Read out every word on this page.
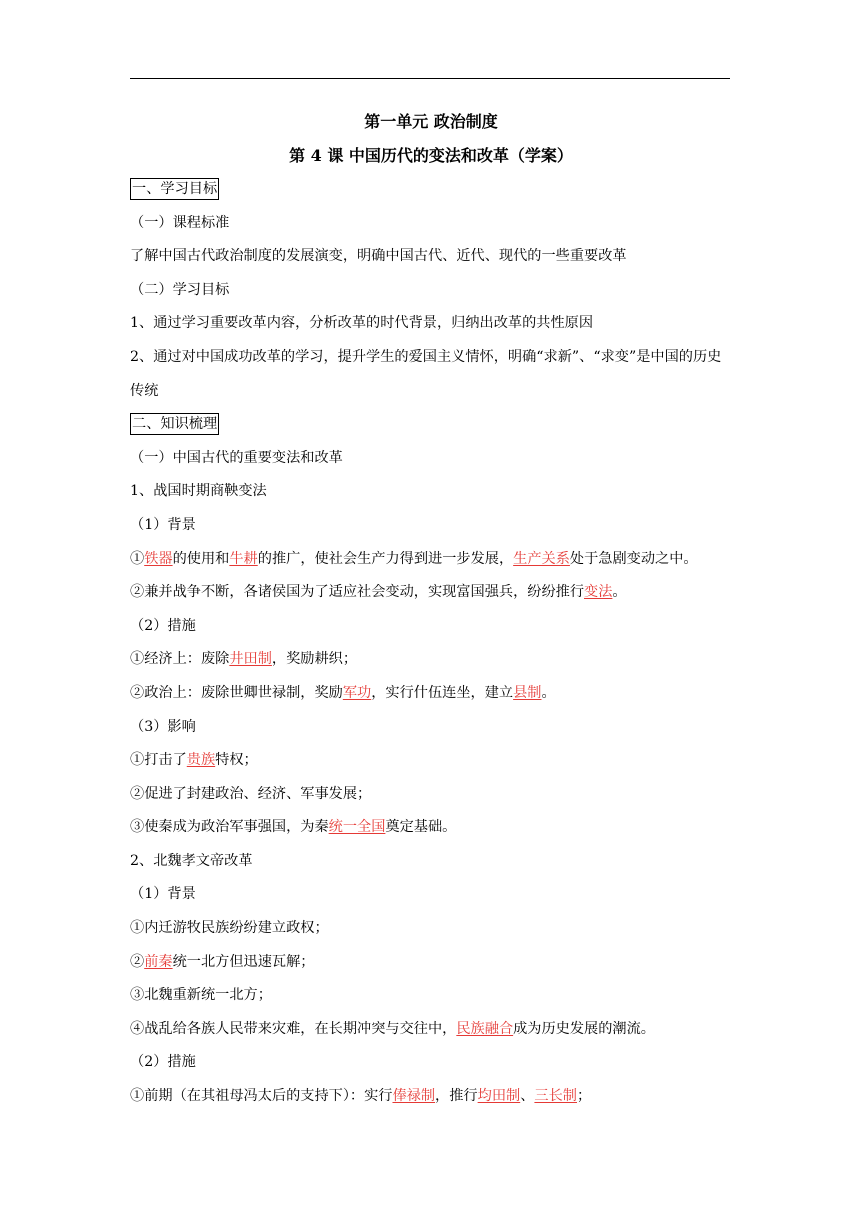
第一单元 政治制度
第 4 课 中国历代的变法和改革（学案）
一、学习目标
（一）课程标准
了解中国古代政治制度的发展演变，明确中国古代、近代、现代的一些重要改革
（二）学习目标
1、通过学习重要改革内容，分析改革的时代背景，归纳出改革的共性原因
2、通过对中国成功改革的学习，提升学生的爱国主义情怀，明确“求新”、“求变”是中国的历史传统
二、知识梳理
（一）中国古代的重要变法和改革
1、战国时期商鞅变法
（1）背景
①铁器的使用和牛耕的推广，使社会生产力得到进一步发展，生产关系处于急剧变动之中。
②兼并战争不断，各诸侯国为了适应社会变动，实现富国强兵，纷纷推行变法。
（2）措施
①经济上：废除井田制，奖励耕织；
②政治上：废除世卿世禄制，奖励军功，实行什伍连坐，建立县制。
（3）影响
①打击了贵族特权；
②促进了封建政治、经济、军事发展；
③使秦成为政治军事强国，为秦统一全国奠定基础。
2、北魏孝文帝改革
（1）背景
①内迁游牧民族纷纷建立政权；
②前秦统一北方但迅速瓦解；
③北魏重新统一北方；
④战乱给各族人民带来灾难，在长期冲突与交往中，民族融合成为历史发展的潮流。
（2）措施
①前期（在其祖母冯太后的支持下）：实行俸禄制，推行均田制、三长制；
